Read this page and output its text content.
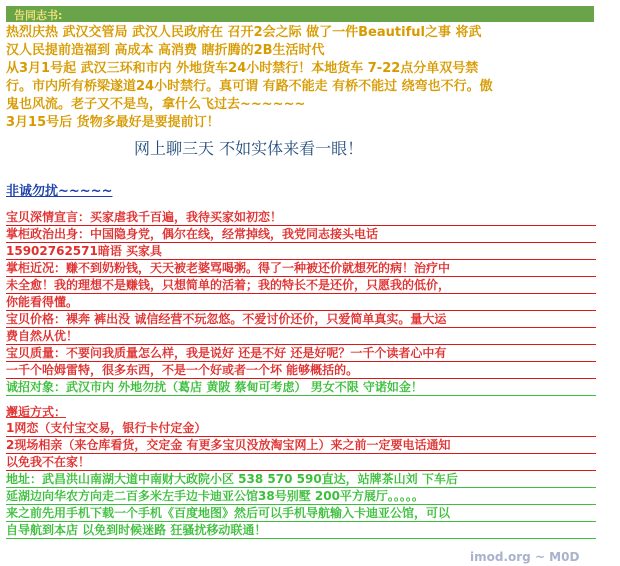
告同志书:
热烈庆热 武汉交管局 武汉人民政府在 召开2会之际 做了一件Beautiful之事 将武
汉人民提前造福到 高成本 高消费 瞎折腾的2B生活时代
从3月1号起 武汉三环和市内 外地货车24小时禁行！本地货车 7-22点分单双号禁
行。市内所有桥梁遂道24小时禁行。真可谓 有路不能走 有桥不能过 绕弯也不行。傲
鬼也风流。老子又不是鸟，拿什么飞过去~~~~~~
3月15号后 货物多最好是要提前订！
网上聊三天 不如实体来看一眼！
非诚勿扰~~~~~
宝贝深情宣言：买家虐我千百遍，我待买家如初恋！
掌柜政治出身：中国隐身党，偶尔在线，经常掉线，我党同志接头电话
15902762571暗语 买家具
掌柜近况：赚不到奶粉钱，天天被老婆骂喝粥。得了一种被还价就想死的病！治疗中
未全愈！我的理想不是赚钱，只想简单的活着；我的特长不是还价，只愿我的低价，
你能看得懂。
宝贝价格：裸奔 裤出没 诚信经营不玩忽悠。不爱讨价还价，只爱简单真实。量大运
费自然从优！
宝贝质量：不要问我质量怎么样，我是说好 还是不好 还是好呢？一千个读者心中有
一千个哈姆雷特，很多东西，不是一个好或者一个坏 能够概括的。
诚招对象：武汉市内 外地勿扰（葛店 黄陂 蔡甸可考虑） 男女不限 守诺如金！
邂逅方式：
1网恋（支付宝交易，银行卡付定金）
2现场相亲（来仓库看货，交定金 有更多宝贝没放淘宝网上）来之前一定要电话通知
以免我不在家！
地址：武昌洪山南湖大道中南财大政院小区 538 570 590直达，站牌茶山刘 下车后
延湖边向华农方向走二百多米左手边卡迪亚公馆38号别墅 200平方展厅。。。。。
来之前先用手机下载一个手机《百度地图》然后可以手机导航输入卡迪亚公馆，可以
自导航到本店 以免到时候迷路 狂骚扰移动联通！
imod.org ~ M0D
